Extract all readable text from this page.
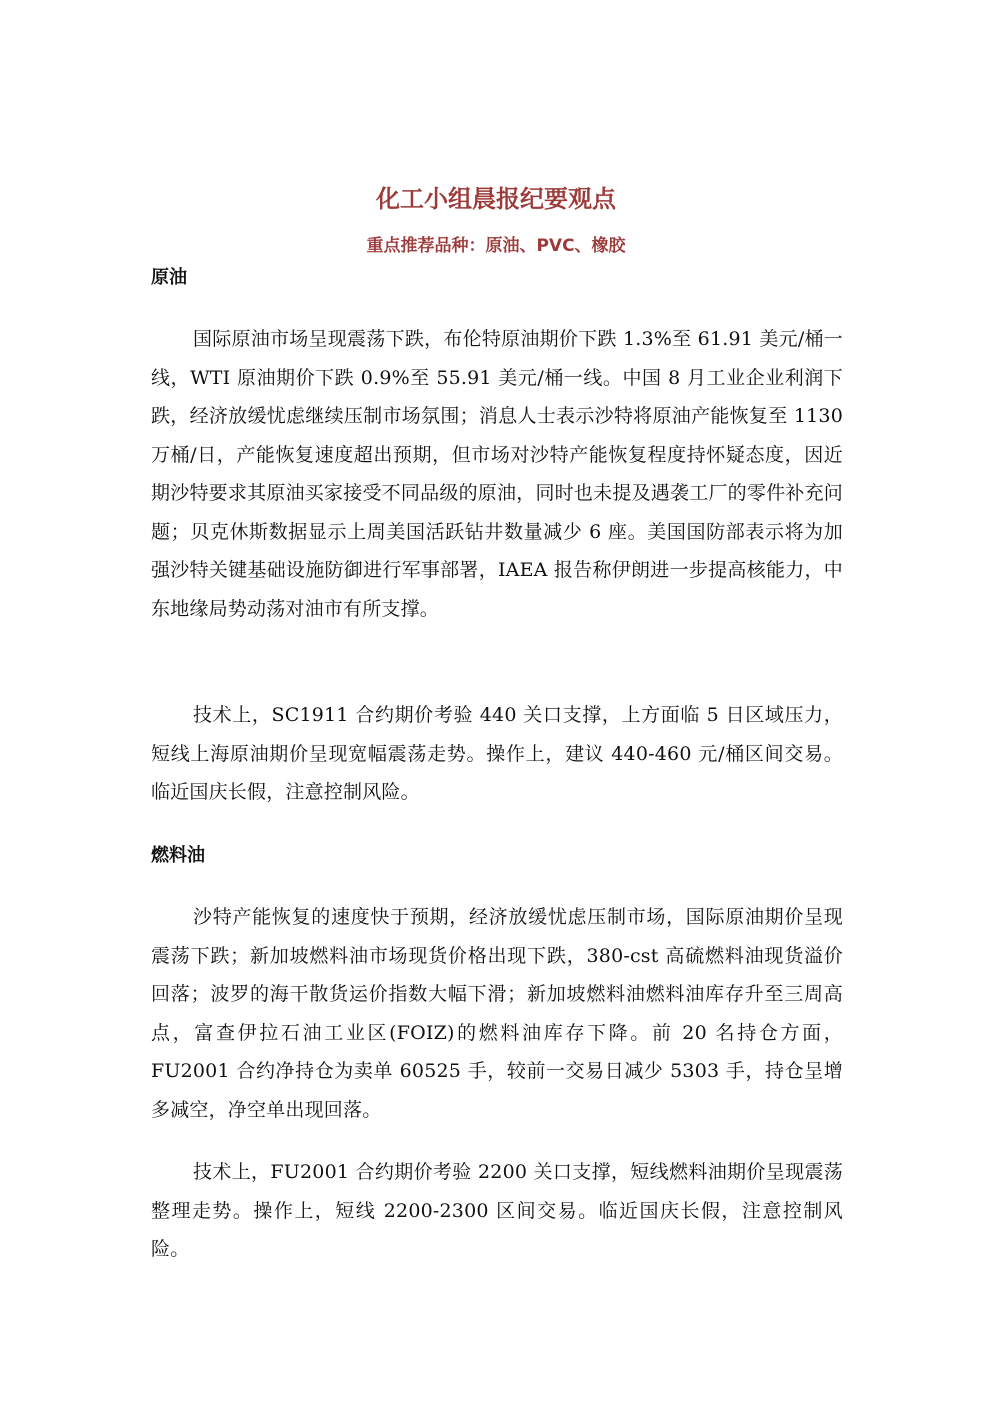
化工小组晨报纪要观点
重点推荐品种：原油、PVC、橡胶
原油

国际原油市场呈现震荡下跌，布伦特原油期价下跌 1.3%至 61.91 美元/桶一线，WTI 原油期价下跌 0.9%至 55.91 美元/桶一线。中国 8 月工业企业利润下跌，经济放缓忧虑继续压制市场氛围；消息人士表示沙特将原油产能恢复至 1130 万桶/日，产能恢复速度超出预期，但市场对沙特产能恢复程度持怀疑态度，因近期沙特要求其原油买家接受不同品级的原油，同时也未提及遇袭工厂的零件补充问题；贝克休斯数据显示上周美国活跃钻井数量减少 6 座。美国国防部表示将为加强沙特关键基础设施防御进行军事部署，IAEA 报告称伊朗进一步提高核能力，中东地缘局势动荡对油市有所支撑。

技术上，SC1911 合约期价考验 440 关口支撑，上方面临 5 日区域压力，短线上海原油期价呈现宽幅震荡走势。操作上，建议 440-460 元/桶区间交易。临近国庆长假，注意控制风险。

燃料油

沙特产能恢复的速度快于预期，经济放缓忧虑压制市场，国际原油期价呈现震荡下跌；新加坡燃料油市场现货价格出现下跌，380-cst 高硫燃料油现货溢价回落；波罗的海干散货运价指数大幅下滑；新加坡燃料油燃料油库存升至三周高点，富查伊拉石油工业区(FOIZ)的燃料油库存下降。前 20 名持仓方面，FU2001 合约净持仓为卖单 60525 手，较前一交易日减少 5303 手，持仓呈增多减空，净空单出现回落。

技术上，FU2001 合约期价考验 2200 关口支撑，短线燃料油期价呈现震荡整理走势。操作上，短线 2200-2300 区间交易。临近国庆长假，注意控制风险。
